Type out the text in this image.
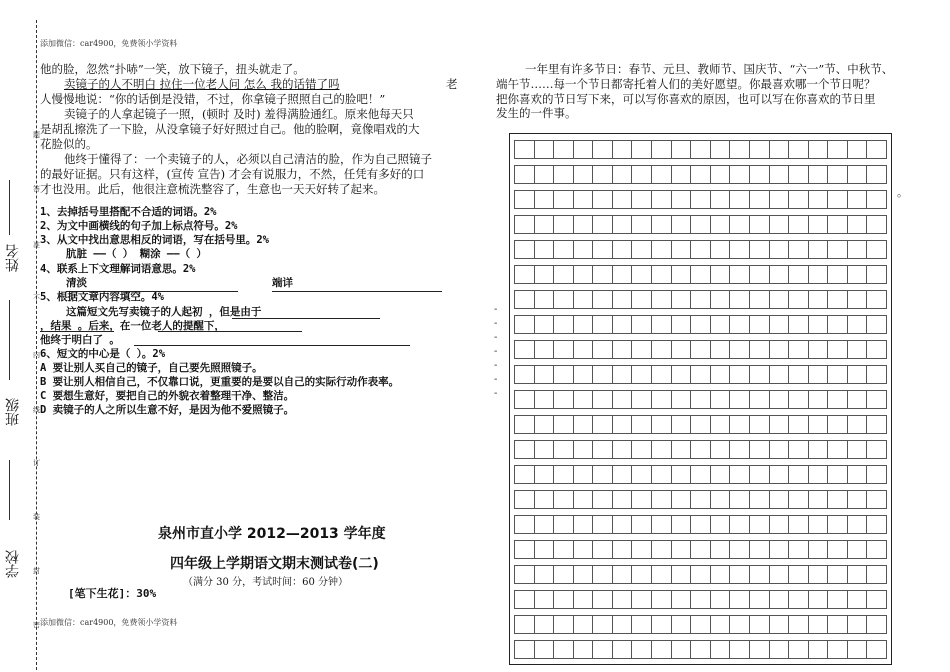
添加微信：car4900，免费领小学资料
添加微信：car4900，免费领小学资料
姓名
班级
学校
题
答
准
不
内
线
订
装
封
密
他的脸，忽然“扑哧”一笑，放下镜子，扭头就走了。
卖镜子的人不明白 拉住一位老人问 怎么 我的话错了吗	老
人慢慢地说：“你的话倒是没错，不过，你拿镜子照照自己的脸吧！”
卖镜子的人拿起镜子一照，(顿时 及时) 羞得满脸通红。原来他每天只
是胡乱擦洗了一下脸，从没拿镜子好好照过自己。他的脸啊，竟像唱戏的大
花脸似的。
他终于懂得了：一个卖镜子的人，必须以自己清洁的脸，作为自己照镜子
的最好证据。只有这样，(宣传 宣告) 才会有说服力，不然，任凭有多好的口
才也没用。此后，他很注意梳洗整容了，生意也一天天好转了起来。
1、去掉括号里搭配不合适的词语。2%
2、为文中画横线的句子加上标点符号。2%
3、从文中找出意思相反的词语，写在括号里。2%
肮脏 ——（ ） 糊涂 ——（ ）
4、联系上下文理解词语意思。2%
清淡	端详
5、根据文章内容填空。4%
这篇短文先写卖镜子的人起初 ，但是由于
，结果 。后来，在一位老人的提醒下，
他终于明白了 。
6、短文的中心是（ ）。2%
A 要让别人买自己的镜子，自己要先照照镜子。
B 要让别人相信自己，不仅靠口说，更重要的是要以自己的实际行动作表率。
C 要想生意好，要把自己的外貌衣着整理干净、整洁。
D 卖镜子的人之所以生意不好，是因为他不爱照镜子。
泉州市直小学 2012—2013 学年度
四年级上学期语文期末测试卷(二)
（满分 30 分，考试时间：60 分钟）
[笔下生花]：30%
一年里有许多节日：春节、元旦、教师节、国庆节、“六一”节、中秋节、
端午节……每一个节日都寄托着人们的美好愿望。你最喜欢哪一个节日呢？
把你喜欢的节日写下来，可以写你喜欢的原因，也可以写在你喜欢的节日里
发生的一件事。
。
-
-
-
-
-
-
-
